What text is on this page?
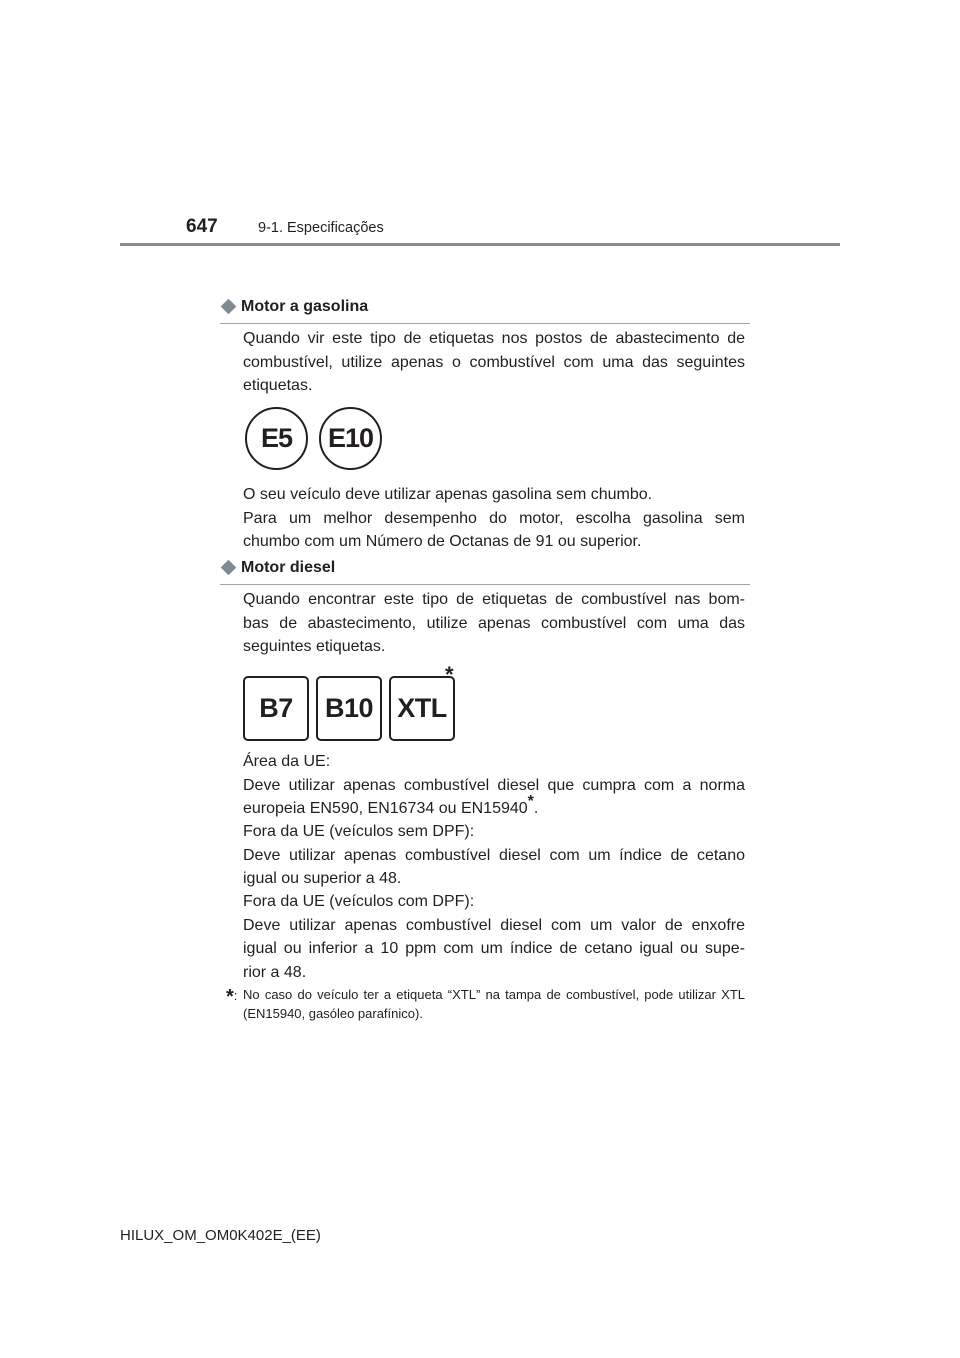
647	9-1. Especificações
Motor a gasolina

Quando vir este tipo de etiquetas nos postos de abastecimento de
combustível, utilize apenas o combustível com uma das seguintes
etiquetas.

E5	E10

O seu veículo deve utilizar apenas gasolina sem chumbo.
Para um melhor desempenho do motor, escolha gasolina sem
chumbo com um Número de Octanas de 91 ou superior.

Motor diesel

Quando encontrar este tipo de etiquetas de combustível nas bom-
bas de abastecimento, utilize apenas combustível com uma das
seguintes etiquetas.

B7	B10 XTL
*

Área da UE:
Deve utilizar apenas combustível diesel que cumpra com a norma
europeia EN590, EN16734 ou EN15940*.

Fora da UE (veículos sem DPF):
Deve utilizar apenas combustível diesel com um índice de cetano
igual ou superior a 48.

Fora da UE (veículos com DPF):
Deve utilizar apenas combustível diesel com um valor de enxofre
igual ou inferior a 10 ppm com um índice de cetano igual ou supe-
rior a 48.

*: No caso do veículo ter a etiqueta “XTL” na tampa de combustível, pode utilizar XTL (EN15940, gasóleo parafínico).
HILUX_OM_OM0K402E_(EE)
